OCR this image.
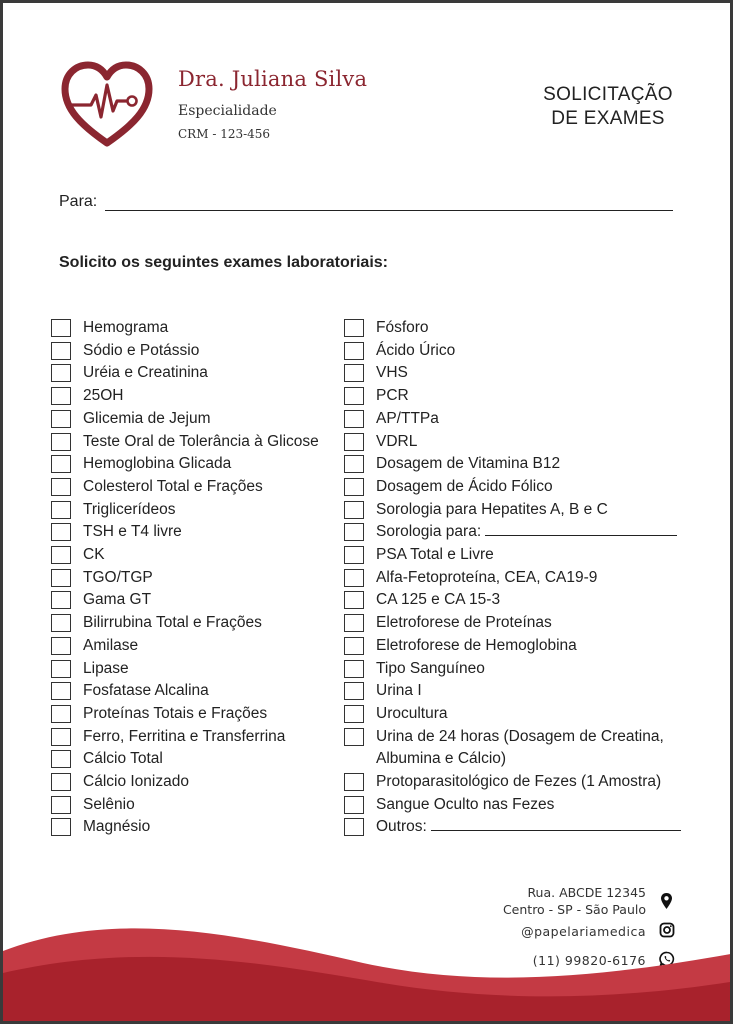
Dra. Juliana Silva
Especialidade
CRM - 123-456
SOLICITAÇÃO
DE EXAMES
Para:
Solicito os seguintes exames laboratoriais:
Hemograma
Sódio e Potássio
Uréia e Creatinina
25OH
Glicemia de Jejum
Teste Oral de Tolerância à Glicose
Hemoglobina Glicada
Colesterol Total e Frações
Triglicerídeos
TSH e T4 livre
CK
TGO/TGP
Gama GT
Bilirrubina Total e Frações
Amilase
Lipase
Fosfatase Alcalina
Proteínas Totais e Frações
Ferro, Ferritina e Transferrina
Cálcio Total
Cálcio Ionizado
Selênio
Magnésio
Fósforo
Ácido Úrico
VHS
PCR
AP/TTPa
VDRL
Dosagem de Vitamina B12
Dosagem de Ácido Fólico
Sorologia para Hepatites A, B e C
Sorologia para:
PSA Total e Livre
Alfa-Fetoproteína, CEA, CA19-9
CA 125 e CA 15-3
Eletroforese de Proteínas
Eletroforese de Hemoglobina
Tipo Sanguíneo
Urina I
Urocultura
Urina de 24 horas (Dosagem de Creatina,
Albumina e Cálcio)
Protoparasitológico de Fezes (1 Amostra)
Sangue Oculto nas Fezes
Outros:
Rua. ABCDE 12345
Centro - SP - São Paulo
@papelariamedica
(11) 99820-6176
